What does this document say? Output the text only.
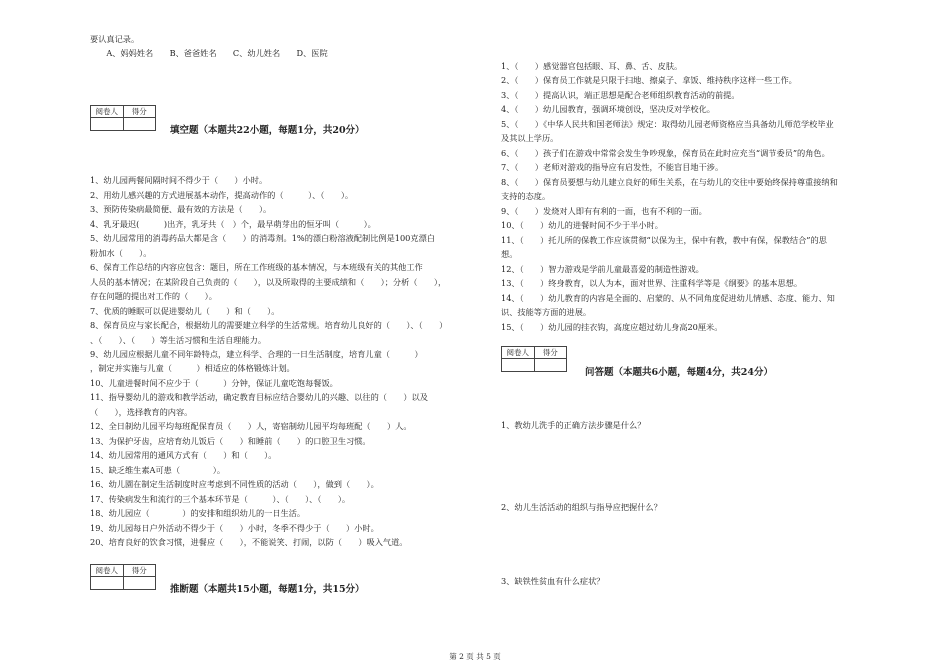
要认真记录。
　　A、妈妈姓名　　B、爸爸姓名　　C、幼儿姓名　　D、医院
阅卷人	得分
填空题（本题共22小题，每题1分，共20分）
1、幼儿园两餐间隔时间不得少于（　　）小时。
2、用幼儿感兴趣的方式进展基本动作，提高动作的（　　　）、（　　）。
3、预防传染病最简便、最有效的方法是（　　）。
4、乳牙最迟(　　　)出齐，乳牙共（　）个，最早萌芽出的恒牙叫（　　　）。
5、幼儿园常用的消毒药品大都是含（　　）的消毒剂。1%的漂白粉溶液配制比例是100克漂白
粉加水（　　）。
6、保育工作总结的内容应包含：题目，所在工作班级的基本情况，与本班级有关的其他工作
人员的基本情况；在某阶段自己负责的（　　），以及所取得的主要成绩和（　　）；分析（　　），
存在问题的提出对工作的（　　）。
7、优质的睡眠可以促进婴幼儿（　　）和（　　）。
8、保育员应与家长配合，根据幼儿的需要建立科学的生活常规。培育幼儿良好的（　　）、（　　）
、（　　）、（　　）等生活习惯和生活自理能力。
9、幼儿园应根据儿童不同年龄特点，建立科学、合理的一日生活制度，培育儿童（　　　）
，制定并实施与儿童（　　　）相适应的体格锻炼计划。
10、儿童进餐时间不应少于（　　　）分钟，保证儿童吃饱每餐饭。
11、指导婴幼儿的游戏和教学活动，确定教育目标应结合婴幼儿的兴趣、以往的（　　）以及
（　　），选择教育的内容。
12、全日制幼儿园平均每班配保育员（　　）人，寄宿制幼儿园平均每班配（　　）人。
13、为保护牙齿，应培育幼儿饭后（　　）和睡前（　　）的口腔卫生习惯。
14、幼儿园常用的通风方式有（　　）和（　　）。
15、缺乏维生素A可患（　　　　）。
16、幼儿園在制定生活制度时应考虑到不同性质的活动（　　），做到（　　）。
17、传染病发生和流行的三个基本环节是（　　　）、（　　）、（　　）。
18、幼儿园应（　　　　）的安排和组织幼儿的一日生活。
19、幼儿园每日户外活动不得少于（　　）小时，冬季不得少于（　　）小时。
20、培育良好的饮食习惯，进餐应（　　），不能说笑、打闹，以防（　　）吸入气道。
阅卷人	得分
推断题（本题共15小题，每题1分，共15分）
1、（　　）感觉器官包括眼、耳、鼻、舌、皮肤。
2、（　　）保育员工作就是只限于扫地、擦桌子、拿饭、维持秩序这样一些工作。
3、（　　）提高认识，端正思想是配合老师组织教育活动的前提。
4、（　　）幼儿园教育，强调环境创设，坚决反对学校化。
5、（　　）《中华人民共和国老师法》规定：取得幼儿园老师资格应当具备幼儿师范学校毕业
及其以上学历。
6、（　　）孩子们在游戏中常常会发生争吵现象，保育员在此时应充当“调节委员”的角色。
7、（　　）老师对游戏的指导应有启发性，不能盲目地干涉。
8、（　　）保育员要想与幼儿建立良好的师生关系，在与幼儿的交往中要始终保持尊重接纳和
支持的态度。
9、（　　）发烧对人即有有利的一面，也有不利的一面。
10、（　　）幼儿的进餐时间不少于半小时。
11、（　　）托儿所的保教工作应该贯彻“以保为主，保中有教，教中有保，保教结合”的思
想。
12、（　　）智力游戏是学前儿童最喜爱的制造性游戏。
13、（　　）终身教育，以人为本，面对世界、注重科学等是《纲要》的基本思想。
14、（　　）幼儿教育的内容是全面的、启蒙的、从不同角度促进幼儿情感、态度、能力、知
识、技能等方面的进展。
15、（　　）幼儿园的挂衣钩，高度应超过幼儿身高20厘米。
阅卷人	得分
问答题（本题共6小题，每题4分，共24分）
1、教幼儿洗手的正确方法步骤是什么？
2、幼儿生活活动的组织与指导应把握什么？
3、缺铁性贫血有什么症状？
第 2 页 共 5 页
